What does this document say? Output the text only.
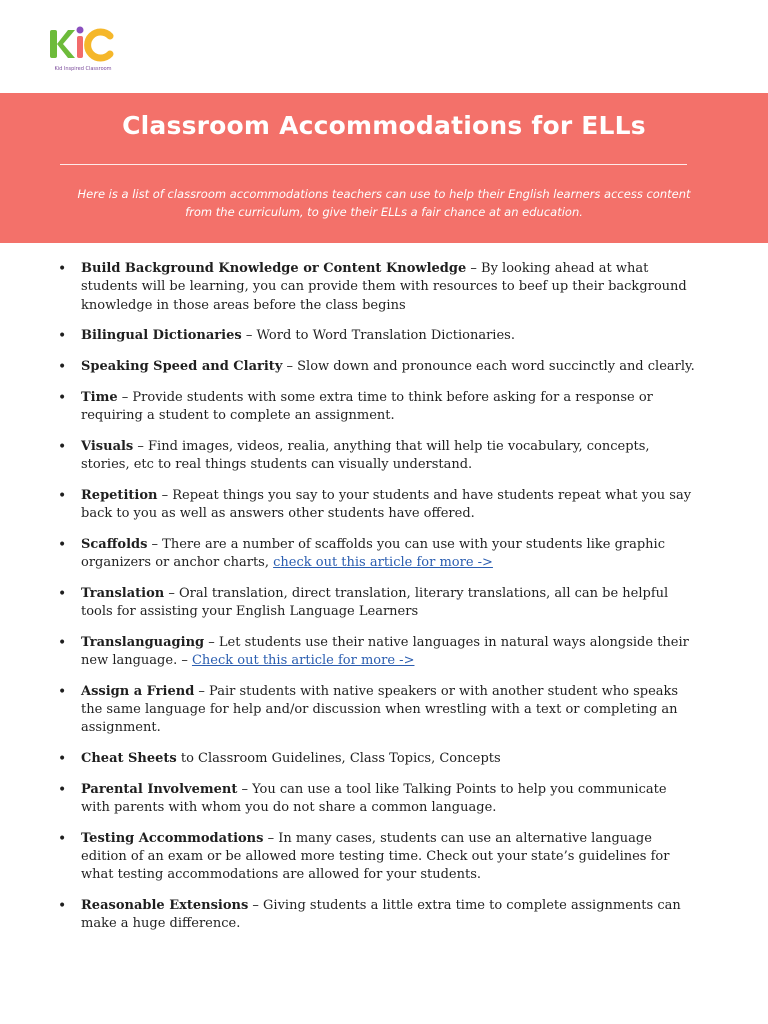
Kid Inspired Classroom
Classroom Accommodations for ELLs
Here is a list of classroom accommodations teachers can use to help their English learners access content from the curriculum, to give their ELLs a fair chance at an education.
• Build Background Knowledge or Content Knowledge – By looking ahead at what students will be learning, you can provide them with resources to beef up their background knowledge in those areas before the class begins
• Bilingual Dictionaries – Word to Word Translation Dictionaries.
• Speaking Speed and Clarity – Slow down and pronounce each word succinctly and clearly.
• Time – Provide students with some extra time to think before asking for a response or requiring a student to complete an assignment.
• Visuals – Find images, videos, realia, anything that will help tie vocabulary, concepts, stories, etc to real things students can visually understand.
• Repetition – Repeat things you say to your students and have students repeat what you say back to you as well as answers other students have offered.
• Scaffolds – There are a number of scaffolds you can use with your students like graphic organizers or anchor charts, check out this article for more ->
• Translation – Oral translation, direct translation, literary translations, all can be helpful tools for assisting your English Language Learners
• Translanguaging – Let students use their native languages in natural ways alongside their new language. – Check out this article for more ->
• Assign a Friend – Pair students with native speakers or with another student who speaks the same language for help and/or discussion when wrestling with a text or completing an assignment.
• Cheat Sheets to Classroom Guidelines, Class Topics, Concepts
• Parental Involvement – You can use a tool like Talking Points to help you communicate with parents with whom you do not share a common language.
• Testing Accommodations – In many cases, students can use an alternative language edition of an exam or be allowed more testing time. Check out your state’s guidelines for what testing accommodations are allowed for your students.
• Reasonable Extensions – Giving students a little extra time to complete assignments can make a huge difference.
